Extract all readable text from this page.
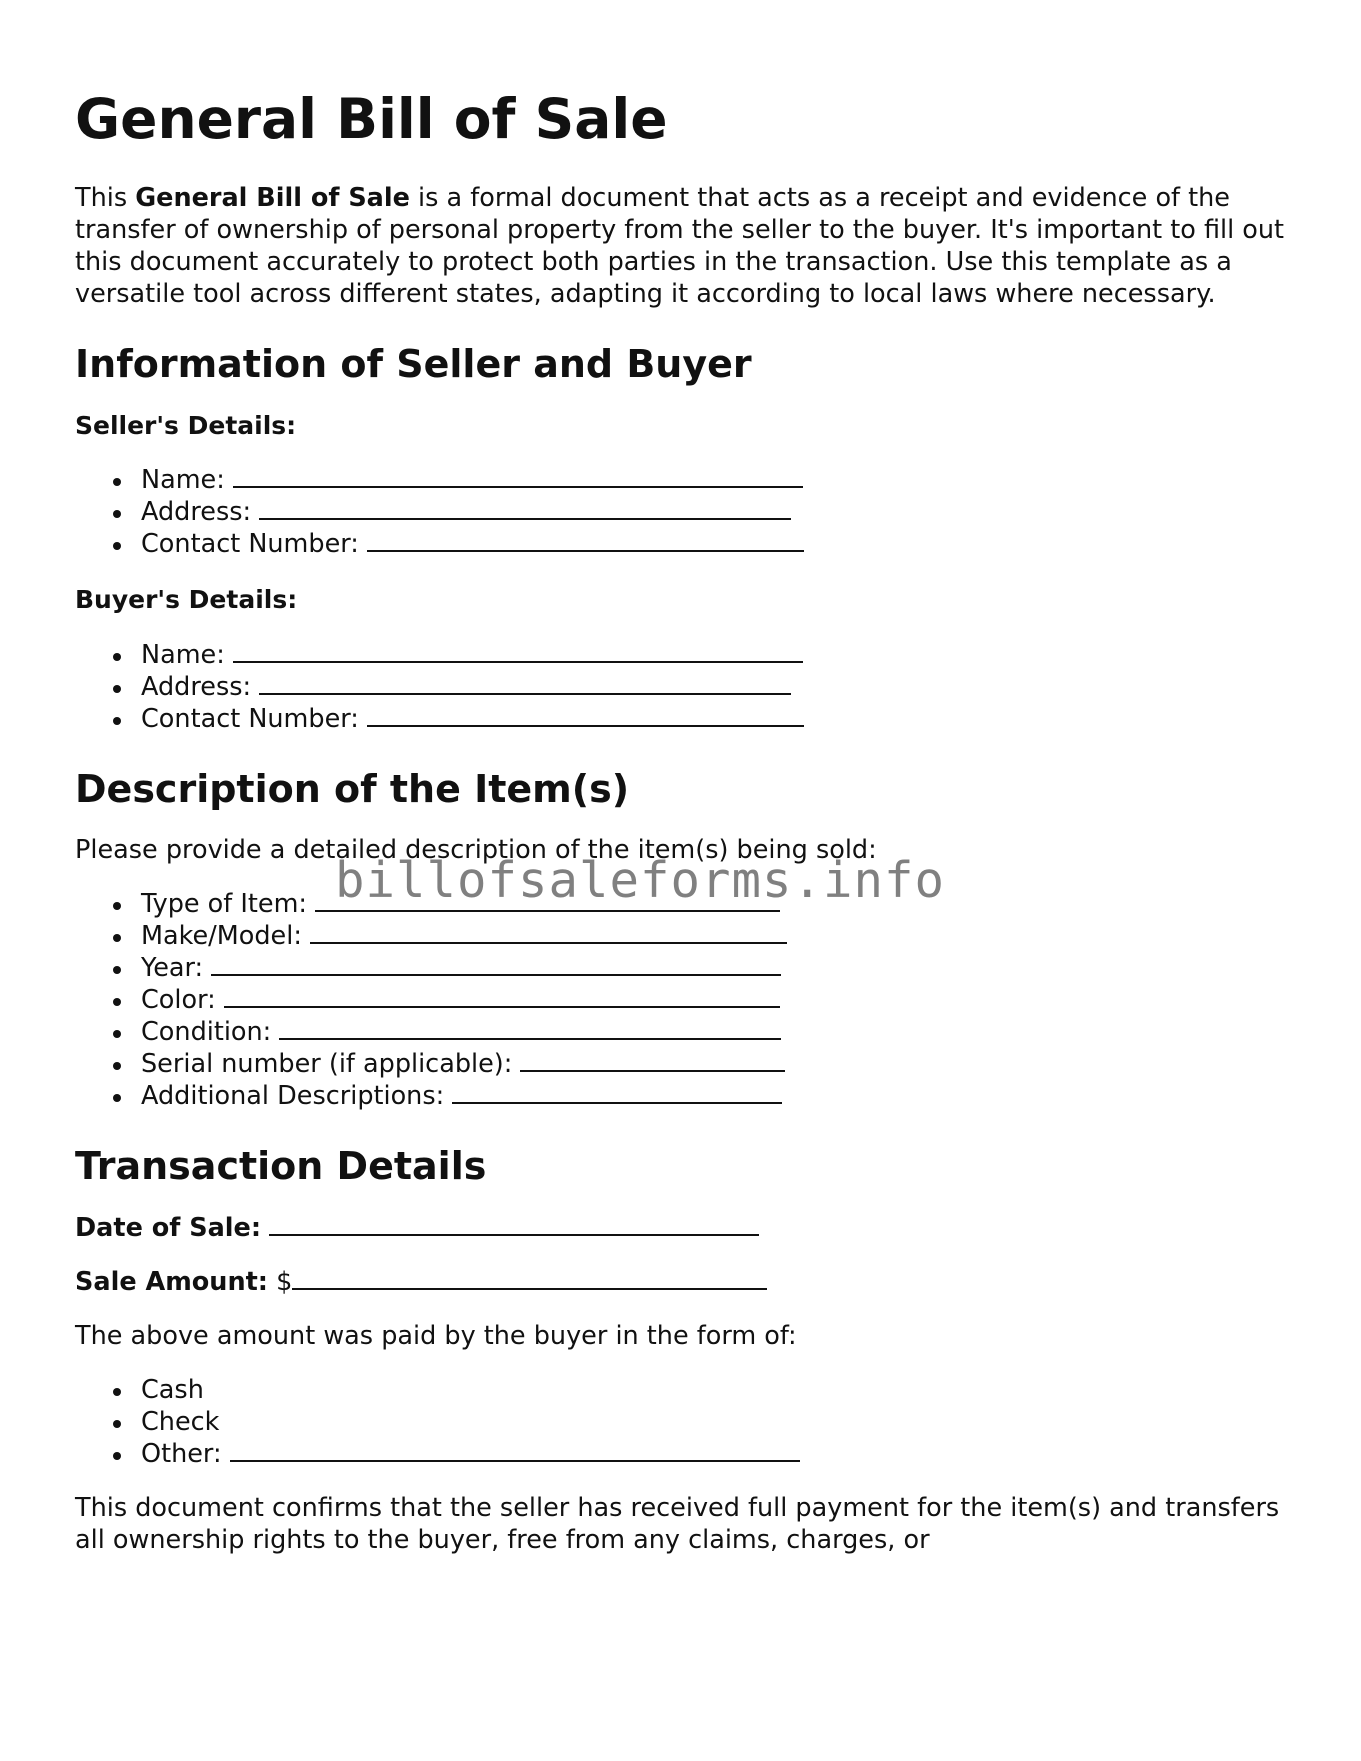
General Bill of Sale

This General Bill of Sale is a formal document that acts as a receipt and evidence of the transfer of ownership of personal property from the seller to the buyer. It's important to fill out this document accurately to protect both parties in the transaction. Use this template as a versatile tool across different states, adapting it according to local laws where necessary.

Information of Seller and Buyer
Seller's Details:
Name:
Address:
Contact Number:
Buyer's Details:
Name:
Address:
Contact Number:
Description of the Item(s)

Please provide a detailed description of the item(s) being sold:

Type of Item:
Make/Model:
Year:
Color:
Condition:
Serial number (if applicable):
Additional Descriptions:
Transaction Details

Date of Sale:

Sale Amount: $

The above amount was paid by the buyer in the form of:

Cash
Check
Other:

This document confirms that the seller has received full payment for the item(s) and transfers all ownership rights to the buyer, free from any claims, charges, or

billofsaleforms.info
